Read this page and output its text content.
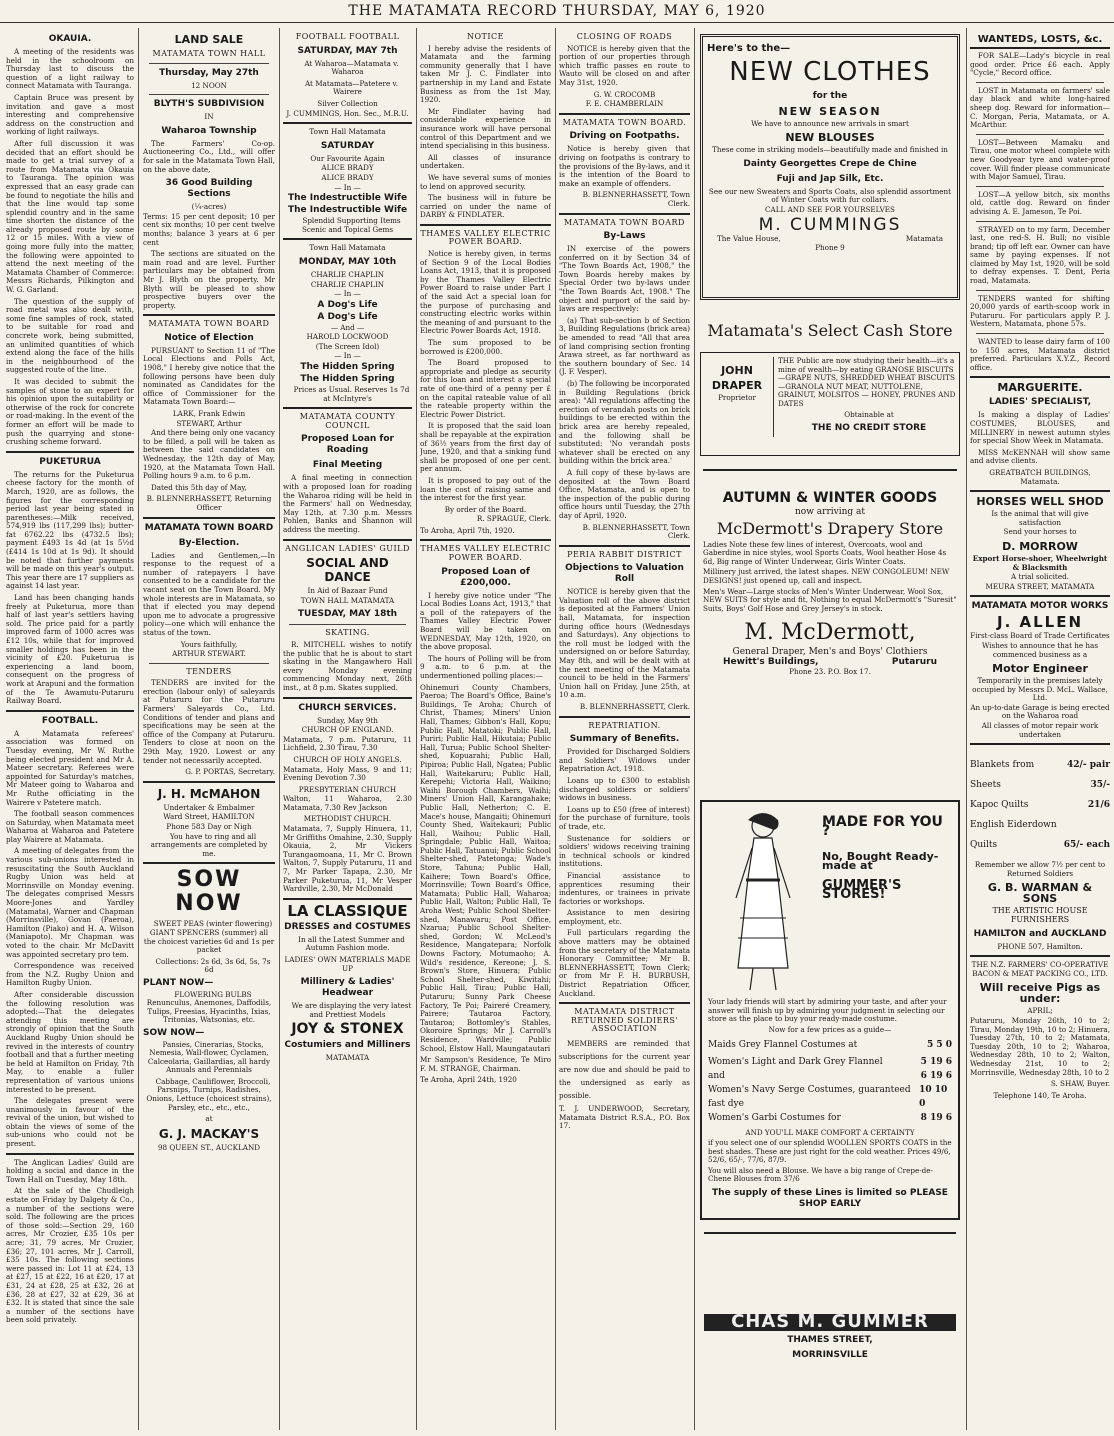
THE MATAMATA RECORD THURSDAY, MAY 6, 1920
OKAUIA.

A meeting of the residents was held in the schoolroom on Thursday last to discuss the question of a light railway to connect Matamata with Tauranga.

Captain Bruce was present by invitation and gave a most interesting and comprehensive address on the construction and working of light railways.

After full discussion it was decided that an effort should be made to get a trial survey of a route from Matamata via Okauia to Tauranga. The opinion was expressed that an easy grade can be found to negotiate the hills and that the line would tap some splendid country and in the same time shorten the distance of the already proposed route by some 12 or 15 miles. With a view of going more fully into the matter, the following were appointed to attend the next meeting of the Matamata Chamber of Commerce: Messrs Richards, Pilkington and W. G. Garland.

The question of the supply of road metal was also dealt with, some fine samples of rock, stated to be suitable for road and concrete work, being submitted, an unlimited quantities of which extend along the face of the hills in the neighbourhood of the suggested route of the line.

It was decided to submit the samples of stone to an expert for his opinion upon the suitability or otherwise of the rock for concrete or road-making. In the event of the former an effort will be made to push the quarrying and stone-crushing scheme forward.

PUKETURUA

The returns for the Puketurua cheese factory for the month of March, 1920, are as follows, the figures for the corresponding period last year being stated in parentheses:—Milk received, 574,919 lbs (117,299 lbs); butter-fat 6762.22 lbs (4732.5 lbs); payment £493 1s 4d (at 1s 5½d (£414 1s 10d at 1s 9d). It should be noted that further payments will be made on this year's output. This year there are 17 suppliers as against 14 last year.

Land has been changing hands freely at Puketurua, more than half of last year's settlers having sold. The price paid for a partly improved farm of 1000 acres was £12 10s, while that for improved smaller holdings has been in the vicinity of £20. Puketurua is experiencing a land boom, consequent on the progress of work at Arapuni and the formation of the Te Awamutu-Putaruru Railway Board.

FOOTBALL.

A Matamata referees' association was formed on Tuesday evening, Mr W. Ruthe being elected president and Mr A. Mateer secretary. Referees were appointed for Saturday's matches, Mr Mateer going to Waharoa and Mr Ruthe officiating in the Wairere v Patetere match.

The football season commences on Saturday, when Matamata meet Waharoa at Waharoa and Patetere play Wairere at Matamata.

A meeting of delegates from the various sub-unions interested in resuscitating the South Auckland Rugby Union was held at Morrinsville on Monday evening. The delegates comprised Messrs Moore-Jones and Yardley (Matamata), Warner and Chapman (Morrinsville), Govan (Paeroa), Hamilton (Piako) and H. A. Wilson (Maniapoto). Mr Chapman was voted to the chair. Mr McDavitt was appointed secretary pro tem.

Correspondence was received from the N.Z. Rugby Union and Hamilton Rugby Union.

After considerable discussion the following resolution was adopted:—That the delegates attending this meeting are strongly of opinion that the South Auckland Rugby Union should be revived in the interests of country football and that a further meeting be held at Hamilton on Friday, 7th May, to enable a fuller representation of various unions interested to be present.

The delegates present were unanimously in favour of the revival of the union, but wished to obtain the views of some of the sub-unions who could not be present.

The Anglican Ladies' Guild are holding a social and dance in the Town Hall on Tuesday, May 18th.

At the sale of the Chudleigh estate on Friday by Dalgety & Co., a number of the sections were sold. The following are the prices of those sold:—Section 29, 160 acres, Mr Crozier, £35 10s per acre; 31, 79 acres, Mr Crozier, £36; 27, 101 acres, Mr J. Carroll, £35 10s. The following sections were passed in: Lot 11 at £24, 13 at £27, 15 at £22, 16 at £20, 17 at £31, 24 at £28, 25 at £32, 26 at £36, 28 at £27, 32 at £29, 36 at £32. It is stated that since the sale a number of the sections have been sold privately.

LAND SALE
MATAMATA TOWN HALL
Thursday, May 27th
12 NOON
BLYTH'S SUBDIVISION
IN
Waharoa Township

The Farmers' Co-op. Auctioneering Co., Ltd., will offer for sale in the Matamata Town Hall, on the above date,

36 Good Building Sections
(¼-acres)

Terms: 15 per cent deposit; 10 per cent six months; 10 per cent twelve months; balance 3 years at 6 per cent

The sections are situated on the main road and are level. Further particulars may be obtained from Mr J. Blyth on the property. Mr Blyth will be pleased to show prospective buyers over the property.

MATAMATA TOWN BOARD
Notice of Election

PURSUANT to Section 11 of "The Local Elections and Polls Act, 1908," I hereby give notice that the following persons have been duly nominated as Candidates for the office of Commissioner for the Matamata Town Board:—

LARK, Frank Edwin
STEWART, Arthur

And there being only one vacancy to be filled, a poll will be taken as between the said candidates on Wednesday, the 12th day of May, 1920, at the Matamata Town Hall. Polling hours 9 a.m. to 6 p.m.

Dated this 5th day of May,

B. BLENNERHASSETT, Returning Officer
MATAMATA TOWN BOARD
By-Election.

Ladies and Gentlemen,—In response to the request of a number of ratepayers I have consented to be a candidate for the vacant seat on the Town Board. My whole interests are in Matamata, so that if elected you may depend upon me to advocate a progressive policy—one which will enhance the status of the town.

Yours faithfully,
ARTHUR STEWART.
TENDERS

TENDERS are invited for the erection (labour only) of saleyards at Putaruru for the Putaruru Farmers' Saleyards Co., Ltd. Conditions of tender and plans and specifications may be seen at the office of the Company at Putaruru. Tenders to close at noon on the 29th May, 1920. Lowest or any tender not necessarily accepted.

G. P. PORTAS, Secretary.
J. H. McMAHON
Undertaker & Embalmer
Ward Street, HAMILTON
Phone 583 Day or Nigh

You have to ring and all arrangements are completed by me.

SOW NOW

SWEET PEAS (winter flowering) GIANT SPENCERS (summer) all the choicest varieties 6d and 1s per packet

Collections: 2s 6d, 3s 6d, 5s, 7s 6d

PLANT NOW—

FLOWERING BULBS Renunculus, Anemones, Daffodils, Tulips, Freesias, Hyacinths, Ixias, Tritonias, Watsonias, etc.

SOW NOW—

Pansies, Cinerarias, Stocks, Nemesia, Wall-flower, Cyclamen, Calceolaria, Gaillardias, all hardy Annuals and Perennials

Cabbage, Cauliflower, Broccoli, Parsnips, Turnips, Radishes, Onions, Lettuce (choicest strains), Parsley, etc., etc., etc.,

at
G. J. MACKAY'S
98 QUEEN ST., AUCKLAND
FOOTBALL FOOTBALL
SATURDAY, MAY 7th

At Waharoa—Matamata v. Waharoa

At Matamata—Patetere v. Wairere

Silver Collection
J. CUMMINGS, Hon. Sec., M.R.U.
Town Hall Matamata
SATURDAY
Our Favourite Again
ALICE BRADY
ALICE BRADY
— In —
The Indestructible Wife
The Indestructible Wife

Splendid Supporting Items Scenic and Topical Gems

Town Hall Matamata
MONDAY, MAY 10th
CHARLIE CHAPLIN
CHARLIE CHAPLIN
— In —
A Dog's Life
A Dog's Life
— And —
HAROLD LOCKWOOD
(The Screen Idol)
— In —
The Hidden Spring
The Hidden Spring

Prices as Usual. Reserves 1s 7d at McIntyre's

MATAMATA COUNTY COUNCIL
Proposed Loan for Roading
Final Meeting

A final meeting in connection with a proposed loan for roading the Waharoa riding will be held in the Farmers' hall on Wednesday, May 12th, at 7.30 p.m. Messrs Pohlen, Banks and Shannon will address the meeting.

ANGLICAN LADIES' GUILD
SOCIAL AND DANCE
In Aid of Bazaar Fund
TOWN HALL MATAMATA
TUESDAY, MAY 18th
SKATING.

R. MITCHELL wishes to notify the public that he is about to start skating in the Mangawhero Hall every Monday evening commencing Monday next, 26th inst., at 8 p.m. Skates supplied.

CHURCH SERVICES.
Sunday, May 9th
CHURCH OF ENGLAND.

Matamata, 7 p.m. Putaruru, 11 Lichfield, 2.30 Tirau, 7.30

CHURCH OF HOLY ANGELS.

Matamata, Holy Mass, 9 and 11; Evening Devotion 7.30

PRESBYTERIAN CHURCH

Walton, 11 Waharoa, 2.30 Matamata, 7.30 Rev Jackson

METHODIST CHURCH.

Matamata, 7, Supply Hinuera, 11, Mr Griffiths Omahine, 2.30, Supply Okauia, 2, Mr Vickers Turangaomoana, 11, Mr C. Brown Walton, 7, Supply Putaruru, 11 and 7, Mr Parker Tapapa, 2.30, Mr Parker Puketurua, 11, Mr Vesper Wardville, 2.30, Mr McDonald

LA CLASSIQUE
DRESSES and COSTUMES

In all the Latest Summer and Autumn Fashion mode.

LADIES' OWN MATERIALS MADE UP
Millinery & Ladies' Headwear

We are displaying the very latest and Prettiest Models

JOY & STONEX
Costumiers and Milliners
MATAMATA
NOTICE

I hereby advise the residents of Matamata and the farming community generally that I have taken Mr J. C. Findlater into partnership in my Land and Estate Business as from the 1st May, 1920.

Mr Findlater having had considerable experience in insurance work will have personal control of this Department and we intend specialising in this business.

All classes of insurance undertaken.

We have several sums of monies to lend on approved security.

The business will in future be carried on under the name of DARBY & FINDLATER.

THAMES VALLEY ELECTRIC POWER BOARD.

Notice is hereby given, in terms of Section 9 of the Local Bodies Loans Act, 1913, that it is proposed by the Thames Valley Electric Power Board to raise under Part I of the said Act a special loan for the purpose of purchasing and constructing electric works within the meaning of and pursuant to the Electric Power Boards Act, 1918.

The sum proposed to be borrowed is £200,000.

The Board proposed to appropriate and pledge as security for this loan and interest a special rate of one-third of a penny per £ on the capital rateable value of all the rateable property within the Electric Power District.

It is proposed that the said loan shall be repayable at the expiration of 36½ years from the first day of June, 1920, and that a sinking fund shall be proposed of one per cent. per annum.

It is proposed to pay out of the loan the cost of raising same and the interest for the first year.

By order of the Board.
R. SPRAGUE, Clerk.

To Aroha, April 7th, 1920.

THAMES VALLEY ELECTRIC POWER BOARD.
Proposed Loan of £200,000.

I hereby give notice under "The Local Bodies Loans Act, 1913," that a poll of the ratepayers of the Thames Valley Electric Power Board will be taken on WEDNESDAY, May 12th, 1920, on the above proposal.

The hours of Polling will be from 9 a.m. to 6 p.m. at the undermentioned polling places:—

Ohinemuri County Chambers, Paeroa; The Board's Office, Baine's Buildings, Te Aroha; Church of Christ, Thames; Miners' Union Hall, Thames; Gibbon's Hall, Kopu; Public Hall, Matatoki; Public Hall, Puriri; Public Hall, Hikutaia; Public Hall, Turua; Public School Shelter-shed, Kopuarahi; Public Hall, Pipiroa; Public Hall, Ngatea; Public Hall, Waitekaruru; Public Hall, Kerepehi; Victoria Hall, Waikino; Waihi Borough Chambers, Waihi; Miners' Union Hall, Karangahake; Public Hall, Netherton; C. E. Mace's house, Mangaiti; Ohinemuri County Shed, Waitekauri; Public Hall, Waihou; Public Hall, Springdale; Public Hall, Waitoa; Public Hall, Tatuanui; Public School Shelter-shed, Patetonga; Wade's Store, Tahuna; Public Hall, Kaihere; Town Board's Office, Morrinsville; Town Board's Office, Matamata; Public Hall, Waharoa; Public Hall, Walton; Public Hall, Te Aroha West; Public School Shelter-shed, Manawaru; Post Office, Nzarua; Public School Shelter-shed, Gordon; W. McLeod's Residence, Mangatepara; Norfolk Downs Factory, Motumaoho; A. Wild's residence, Kereone; J. S. Brown's Store, Hinuera; Public School Shelter-shed, Kiwitahi; Public Hall, Tirau; Public Hall, Putaruru; Sunny Park Cheese Factory, Te Poi; Paireré Creamery, Pairere; Tautaroa Factory, Tautaroa; Bottomley's Stables, Okoroire Springs; Mr J. Carroll's Residence, Wardville; Public School, Elstow Hall, Maungatautari

Mr Sampson's Residence, Te Miro F. M. STRANGE, Chairman.

Te Aroha, April 24th, 1920

CLOSING OF ROADS

NOTICE is hereby given that the portion of our properties through which traffic passes en route to Wauto will be closed on and after May 31st, 1920.

G. W. CROCOMB
F. E. CHAMBERLAIN
MATAMATA TOWN BOARD.
Driving on Footpaths.

Notice is hereby given that driving on footpaths is contrary to the provisions of the By-laws, and it is the intention of the Board to make an example of offenders.

B. BLENNERHASSETT, Town Clerk.
MATAMATA TOWN BOARD
By-Laws

IN exercise of the powers conferred on it by Section 34 of "The Town Boards Act, 1908," the Town Boards hereby makes by Special Order two by-laws under "the Town Boards Act, 1908." The object and purport of the said by-laws are respectively:

(a) That sub-section b of Section 3, Building Regulations (brick area) be amended to read "All that area of land comprising section fronting Arawa street, as far northward as the southern boundary of Sec. 14 (J. F. Vesper).

(b) The following be incorporated in Building Regulations (brick area): "All regulations affecting the erection of verandah posts on brick buildings to be erected within the brick area are hereby repealed, and the following shall be substituted: 'No verandah posts whatever shall be erected on any building within the brick area.'

A full copy of these by-laws are deposited at the Town Board Office, Matamata, and is open to the inspection of the public during office hours until Tuesday, the 27th day of April, 1920.

B. BLENNERHASSETT, Town Clerk.
PERIA RABBIT DISTRICT
Objections to Valuation Roll

NOTICE is hereby given that the Valuation roll of the above district is deposited at the Farmers' Union hall, Matamata, for inspection during office hours (Wednesdays and Saturdays). Any objections to the roll must be lodged with the undersigned on or before Saturday, May 8th, and will be dealt with at the next meeting of the Matamata council to be held in the Farmers' Union hall on Friday, June 25th, at 10 a.m.

B. BLENNERHASSETT, Clerk.
REPATRIATION.
Summary of Benefits.

Provided for Discharged Soldiers and Soldiers' Widows under Repatriation Act, 1918.

Loans up to £300 to establish discharged soldiers or soldiers' widows in business.

Loans up to £50 (free of interest) for the purchase of furniture, tools of trade, etc.

Sustenance for soldiers or soldiers' widows receiving training in technical schools or kindred institutions.

Financial assistance to apprentices resuming their indentures, or trainees in private factories or workshops.

Assistance to men desiring employment, etc.

Full particulars regarding the above matters may be obtained from the secretary of the Matamata Honorary Committee; Mr B. BLENNERHASSETT, Town Clerk; or from Mr F. H. BURBUSH, District Repatriation Officer, Auckland.

MATAMATA DISTRICT RETURNED SOLDIERS' ASSOCIATION

MEMBERS are reminded that subscriptions for the current year are now due and should be paid to the undersigned as early as possible.

T. J. UNDERWOOD, Secretary, Matamata District R.S.A., P.O. Box 17.

Here's to the—
NEW CLOTHES
for the
NEW SEASON
We have to announce new arrivals in smart
NEW BLOUSES
These come in striking models—beautifully made and finished in
Dainty Georgettes Crepe de Chine
Fuji and Jap Silk, Etc.
See our new Sweaters and Sports Coats, also splendid assortment of Winter Coats with fur collars.
CALL AND SEE FOR YOURSELVES
M. CUMMINGS
The Value House,	Matamata
Phone 9
Matamata's Select Cash Store
JOHN
DRAPER
Proprietor

THE Public are now studying their health—it's a mine of wealth—by eating GRANOSE BISCUITS—GRAPE NUTS, SHREDDED WHEAT BISCUITS—GRANOLA NUT MEAT, NUTTOLENE, GRAINUT, MOLSITOS — HONEY, PRUNES AND DATES

Obtainable at
THE NO CREDIT STORE
AUTUMN & WINTER GOODS
now arriving at
McDermott's Drapery Store

Ladies Note these few lines of interest, Overcoats, wool and Gaberdine in nice styles, wool Sports Coats, Wool heather Hose 4s 6d, Big range of Winter Underwear, Girls Winter Coats.

Millinery just arrived, the latest shapes. NEW CONGOLEUM! NEW DESIGNS! just opened up, call and inspect.

Men's Wear—Large stocks of Men's Winter Underwear, Wool Sox, NEW SUITS for style and fit, Nothing to equal McDermott's "Suresit" Suits, Boys' Golf Hose and Grey Jersey's in stock.

M. McDermott,
General Draper, Men's and Boys' Clothiers
Hewitt's Buildings,	Putaruru
Phone 23. P.O. Box 17.
MADE FOR YOU ?
No, Bought Ready-made at
GUMMER'S STORES!

Your lady friends will start by admiring your taste, and after your answer will finish up by admiring your judgment in selecting our store as the place to buy your ready-made costume.

Now for a few prices as a guide—
Maids Grey Flannel Costumes at	5 5 0
Women's Light and Dark Grey Flannel	5 19 6
and	6 19 6
Women's Navy Serge Costumes, guaranteed fast dye
10 10 0
Women's Garbi Costumes for	8 19 6
AND YOU'LL MAKE COMFORT A CERTAINTY

if you select one of our splendid WOOLLEN SPORTS COATS in the best shades. These are just right for the cold weather. Prices 49/6, 52/6, 65/-, 77/6, 87/9.

You will also need a Blouse. We have a big range of Crepe-de-Chene Blouses from 37/6

The supply of these Lines is limited so PLEASE SHOP EARLY
CHAS M. GUMMER
THAMES STREET,
MORRINSVILLE
WANTEDS, LOSTS, &c.

FOR SALE—Lady's bicycle in real good order. Price £6 each. Apply "Cycle," Record office.

LOST in Matamata on farmers' sale day black and white long-haired sheep dog. Reward for information—C. Morgan, Peria, Matamata, or A. McArthur.

LOST—Between Mamaku and Tirau, one motor wheel complete with new Goodyear tyre and water-proof cover. Will finder please communicate with Major Samuel, Tirau.

LOST—A yellow bitch, six months old, cattle dog. Reward on finder advising A. E. Jameson, Te Poi.

STRAYED on to my farm, December last, one red-S. H. Bull; no visible brand; tip off left ear. Owner can have same by paying expenses. If not claimed by May 1st, 1920, will be sold to defray expenses. T. Dent, Peria road, Matamata.

TENDERS wanted for shifting 20,000 yards of earth-scoop work in Putaruru. For particulars apply P. J. Western, Matamata, phone 57s.

WANTED to lease dairy farm of 100 to 150 acres, Matamata district preferred. Particulars X.Y.Z., Record office.

MARGUERITE.
LADIES' SPECIALIST,

Is making a display of Ladies' COSTUMES, BLOUSES, and MILLINERY in newest autumn styles for special Show Week in Matamata.

MISS McKENNAH will show same and advise clients.

GREATBATCH BUILDINGS, Matamata.
HORSES WELL SHOD
Is the animal that will give satisfaction
Send your horses to
D. MORROW
Export Horse-shoer, Wheelwright & Blacksmith
A trial solicited.
MEURA STREET, MATAMATA
MATAMATA MOTOR WORKS
J. ALLEN
First-class Board of Trade Certificates
Wishes to announce that he has commenced business as a
Motor Engineer
Temporarily in the premises lately occupied by Messrs D. McL. Wallace, Ltd.
An up-to-date Garage is being erected on the Waharoa road
All classes of motor repair work undertaken
Blankets from	42/- pair
Sheets	35/-
Kapoc Quilts	21/6
English Eiderdown
Quilts	65/- each
Remember we allow 7½ per cent to Returned Soldiers
G. B. WARMAN & SONS
THE ARTISTIC HOUSE FURNISHERS
HAMILTON and AUCKLAND
PHONE 507, Hamilton.
THE N.Z. FARMERS' CO-OPERATIVE BACON & MEAT PACKING CO., LTD.
Will receive Pigs as under:
APRIL;

Putaruru, Monday 26th, 10 to 2; Tirau, Monday 19th, 10 to 2; Hinuera, Tuesday 27th, 10 to 2; Matamata, Tuesday 20th, 10 to 2; Waharoa, Wednesday 28th, 10 to 2; Walton, Wednesday 21st, 10 to 2; Morrinsville, Wednesday 28th, 10 to 2

S. SHAW, Buyer.
Telephone 140, Te Aroha.
